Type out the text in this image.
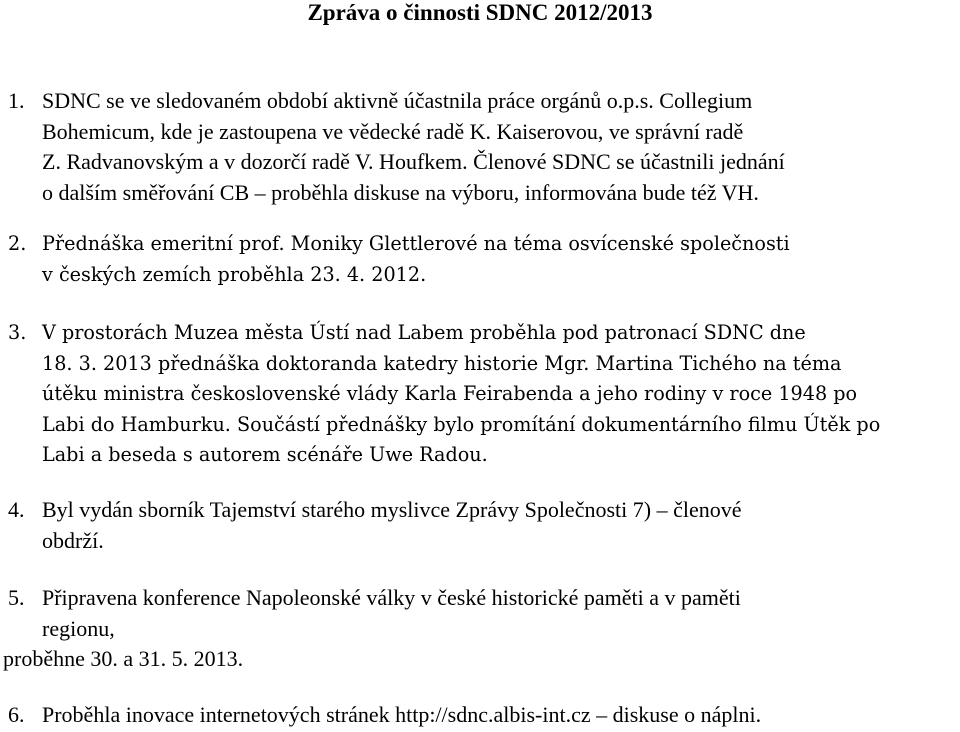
Zpráva o činnosti SDNC 2012/2013
1. SDNC se ve sledovaném období aktivně účastnila práce orgánů o.p.s. Collegium
Bohemicum, kde je zastoupena ve vědecké radě K. Kaiserovou, ve správní radě
Z. Radvanovským a v dozorčí radě V. Houfkem. Členové SDNC se účastnili jednání
o dalším směřování CB – proběhla diskuse na výboru, informována bude též VH.
2. Přednáška emeritní prof. Moniky Glettlerové na téma osvícenské společnosti
v českých zemích proběhla 23. 4. 2012.
3. V prostorách Muzea města Ústí nad Labem proběhla pod patronací SDNC dne
18. 3. 2013 přednáška doktoranda katedry historie Mgr. Martina Tichého na téma
útěku ministra československé vlády Karla Feirabenda a jeho rodiny v roce 1948 po
Labi do Hamburku. Součástí přednášky bylo promítání dokumentárního filmu Útěk po
Labi a beseda s autorem scénáře Uwe Radou.
4. Byl vydán sborník Tajemství starého myslivce Zprávy Společnosti 7) – členové
obdrží.
5. Připravena konference Napoleonské války v české historické paměti a v paměti
regionu,
proběhne 30. a 31. 5. 2013.
6. Proběhla inovace internetových stránek http://sdnc.albis-int.cz – diskuse o náplni.
